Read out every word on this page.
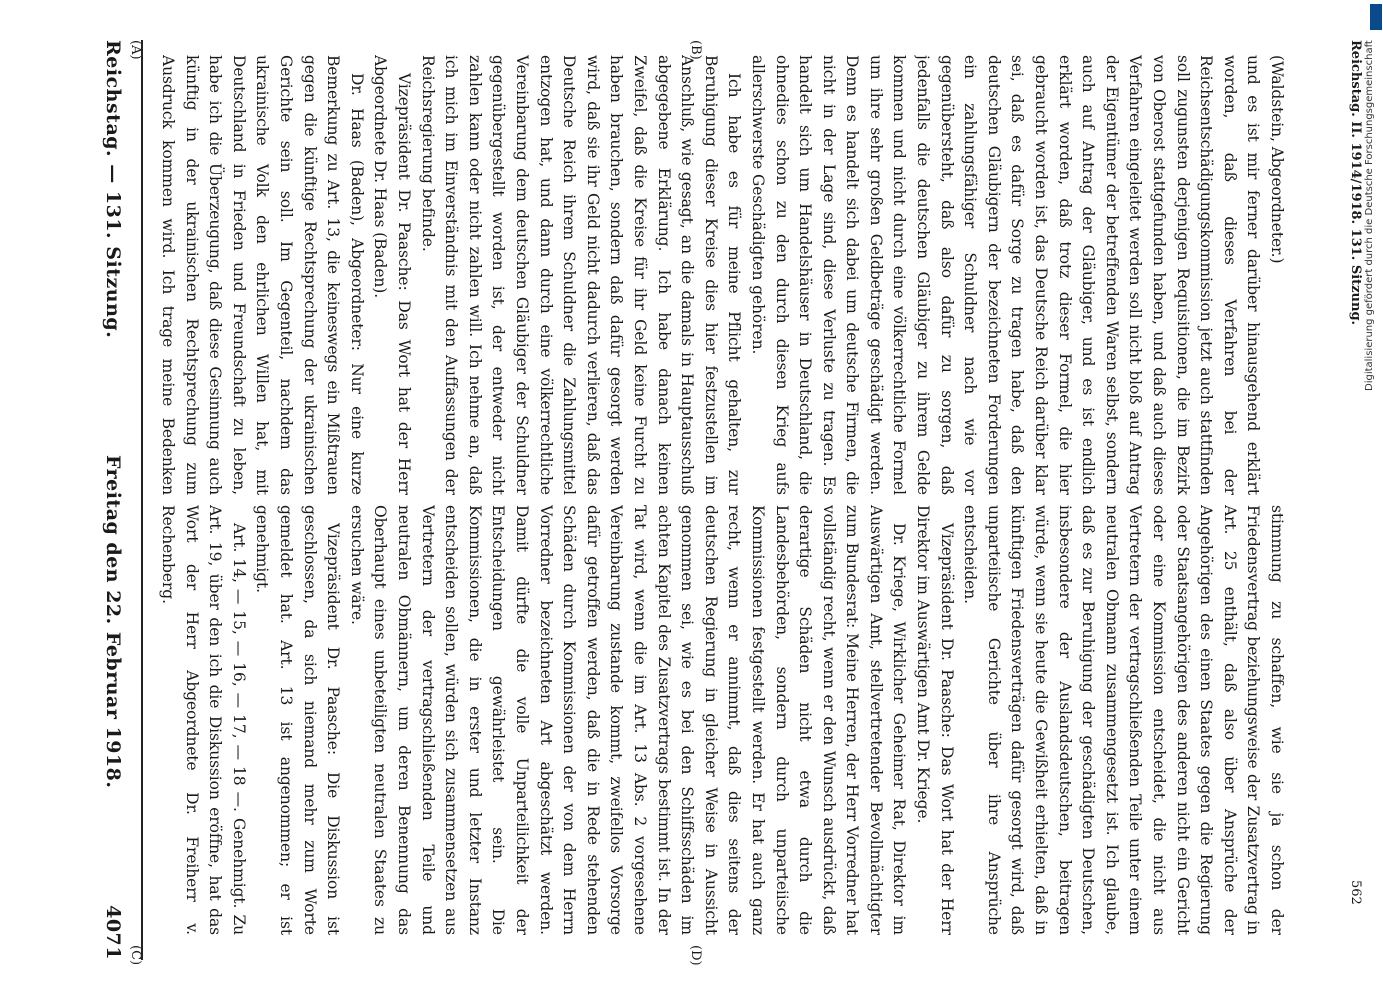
(A)	(B)
(C)	(D)
Reichstag. — 131. Sitzung.
Freitag den 22. Februar 1918.
4071

(Waldstein, Abgeordneter.)

und es ist mir ferner darüber hinausgehend erklärt worden, daß dieses Verfahren bei der Reichsentschädigungskommission jetzt auch stattfinden soll zugunsten derjenigen Requisitionen, die im Bezirk von Oberost stattgefunden haben, und daß auch dieses Verfahren eingeleitet werden soll nicht bloß auf Antrag der Eigentümer der betreffenden Waren selbst, sondern auch auf Antrag der Gläubiger, und es ist endlich erklärt worden, daß trotz dieser Formel, die hier gebraucht worden ist, das Deutsche Reich darüber klar sei, daß es dafür Sorge zu tragen habe, daß den deutschen Gläubigern der bezeichneten Forderungen ein zahlungsfähiger Schuldner nach wie vor gegenübersteht, daß also dafür zu sorgen, daß jedenfalls die deutschen Gläubiger zu ihrem Gelde kommen und nicht durch eine völkerrechtliche Formel um ihre sehr großen Geldbeträge geschädigt werden. Denn es handelt sich dabei um deutsche Firmen, die nicht in der Lage sind, diese Verluste zu tragen. Es handelt sich um Handelshäuser in Deutschland, die ohnedies schon zu den durch diesen Krieg aufs allerschwerste Geschädigten gehören.

Ich habe es für meine Pflicht gehalten, zur Beruhigung dieser Kreise dies hier festzustellen im Anschluß, wie gesagt, an die damals in Hauptausschuß abgegebene Erklärung. Ich habe danach keinen Zweifel, daß die Kreise für ihr Geld keine Furcht zu haben brauchen, sondern daß dafür gesorgt werden wird, daß sie ihr Geld nicht dadurch verlieren, daß das Deutsche Reich ihrem Schuldner die Zahlungsmittel entzogen hat, und dann durch eine völkerrechtliche Vereinbarung dem deutschen Gläubiger der Schuldner gegenübergestellt worden ist, der entweder nicht zahlen kann oder nicht zahlen will. Ich nehme an, daß ich mich im Einverständnis mit den Auffassungen der Reichsregierung befinde.

Vizepräsident Dr. Paasche: Das Wort hat der Herr Abgeordnete Dr. Haas (Baden).

Dr. Haas (Baden), Abgeordneter: Nur eine kurze Bemerkung zu Art. 13, die keineswegs ein Mißtrauen gegen die künftige Rechtsprechung der ukrainischen Gerichte sein soll. Im Gegenteil, nachdem das ukrainische Volk den ehrlichen Willen hat, mit Deutschland in Frieden und Freundschaft zu leben, habe ich die Überzeugung, daß diese Gesinnung auch künftig in der ukrainischen Rechtsprechung zum Ausdruck kommen wird. Ich trage meine Bedenken

stimmung zu schaffen, wie sie ja schon der Friedensvertrag beziehungsweise der Zusatzvertrag in Art. 25 enthält, daß also über Ansprüche der Angehörigen des einen Staates gegen die Regierung oder Staatsangehörigen des anderen nicht ein Gericht oder eine Kommission entscheidet, die nicht aus Vertretern der vertragschließenden Teile unter einem neutralen Obmann zusammengesetzt ist. Ich glaube, daß es zur Beruhigung der geschädigten Deutschen, insbesondere der Auslandsdeutschen, beitragen würde, wenn sie heute die Gewißheit erhielten, daß in künftigen Friedensverträgen dafür gesorgt wird, daß unparteiische Gerichte über ihre Ansprüche entscheiden.

Vizepräsident Dr. Paasche: Das Wort hat der Herr Direktor im Auswärtigen Amt Dr. Kriege.

Dr. Kriege, Wirklicher Geheimer Rat, Direktor im Auswärtigen Amt, stellvertretender Bevollmächtigter zum Bundesrat: Meine Herren, der Herr Vorredner hat vollständig recht, wenn er den Wunsch ausdrückt, daß derartige Schäden nicht etwa durch die Landesbehörden, sondern durch unparteiische Kommissionen festgestellt werden. Er hat auch ganz recht, wenn er annimmt, daß dies seitens der deutschen Regierung in gleicher Weise in Aussicht genommen sei, wie es bei den Schiffsschäden im achten Kapitel des Zusatzvertrags bestimmt ist. In der Tat wird, wenn die im Art. 13 Abs. 2 vorgesehene Vereinbarung zustande kommt, zweifellos Vorsorge dafür getroffen werden, daß die in Rede stehenden Schäden durch Kommissionen der von dem Herrn Vorredner bezeichneten Art abgeschätzt werden. Damit dürfte die volle Unparteilichkeit der Entscheidungen gewährleistet sein. Die Kommissionen, die in erster und letzter Instanz entscheiden sollen, würden sich zusammensetzen aus Vertretern der vertragschließenden Teile und neutralen Obmännern, um deren Benennung das Oberhaupt eines unbeteiligten neutralen Staates zu ersuchen wäre.

Vizepräsident Dr. Paasche: Die Diskussion ist geschlossen, da sich niemand mehr zum Worte gemeldet hat. Art. 13 ist angenommen; er ist genehmigt.

Art. 14, — 15, — 16, — 17, — 18 —. Genehmigt. Zu Art. 19, über den ich die Diskussion eröffne, hat das Wort der Herr Abgeordnete Dr. Freiherr v. Rechenberg.

Reichstag. II. 1914/1918. 131. Sitzung.
562
Digitalisierung gefördert durch die Deutsche Forschungsgemeinschaft
